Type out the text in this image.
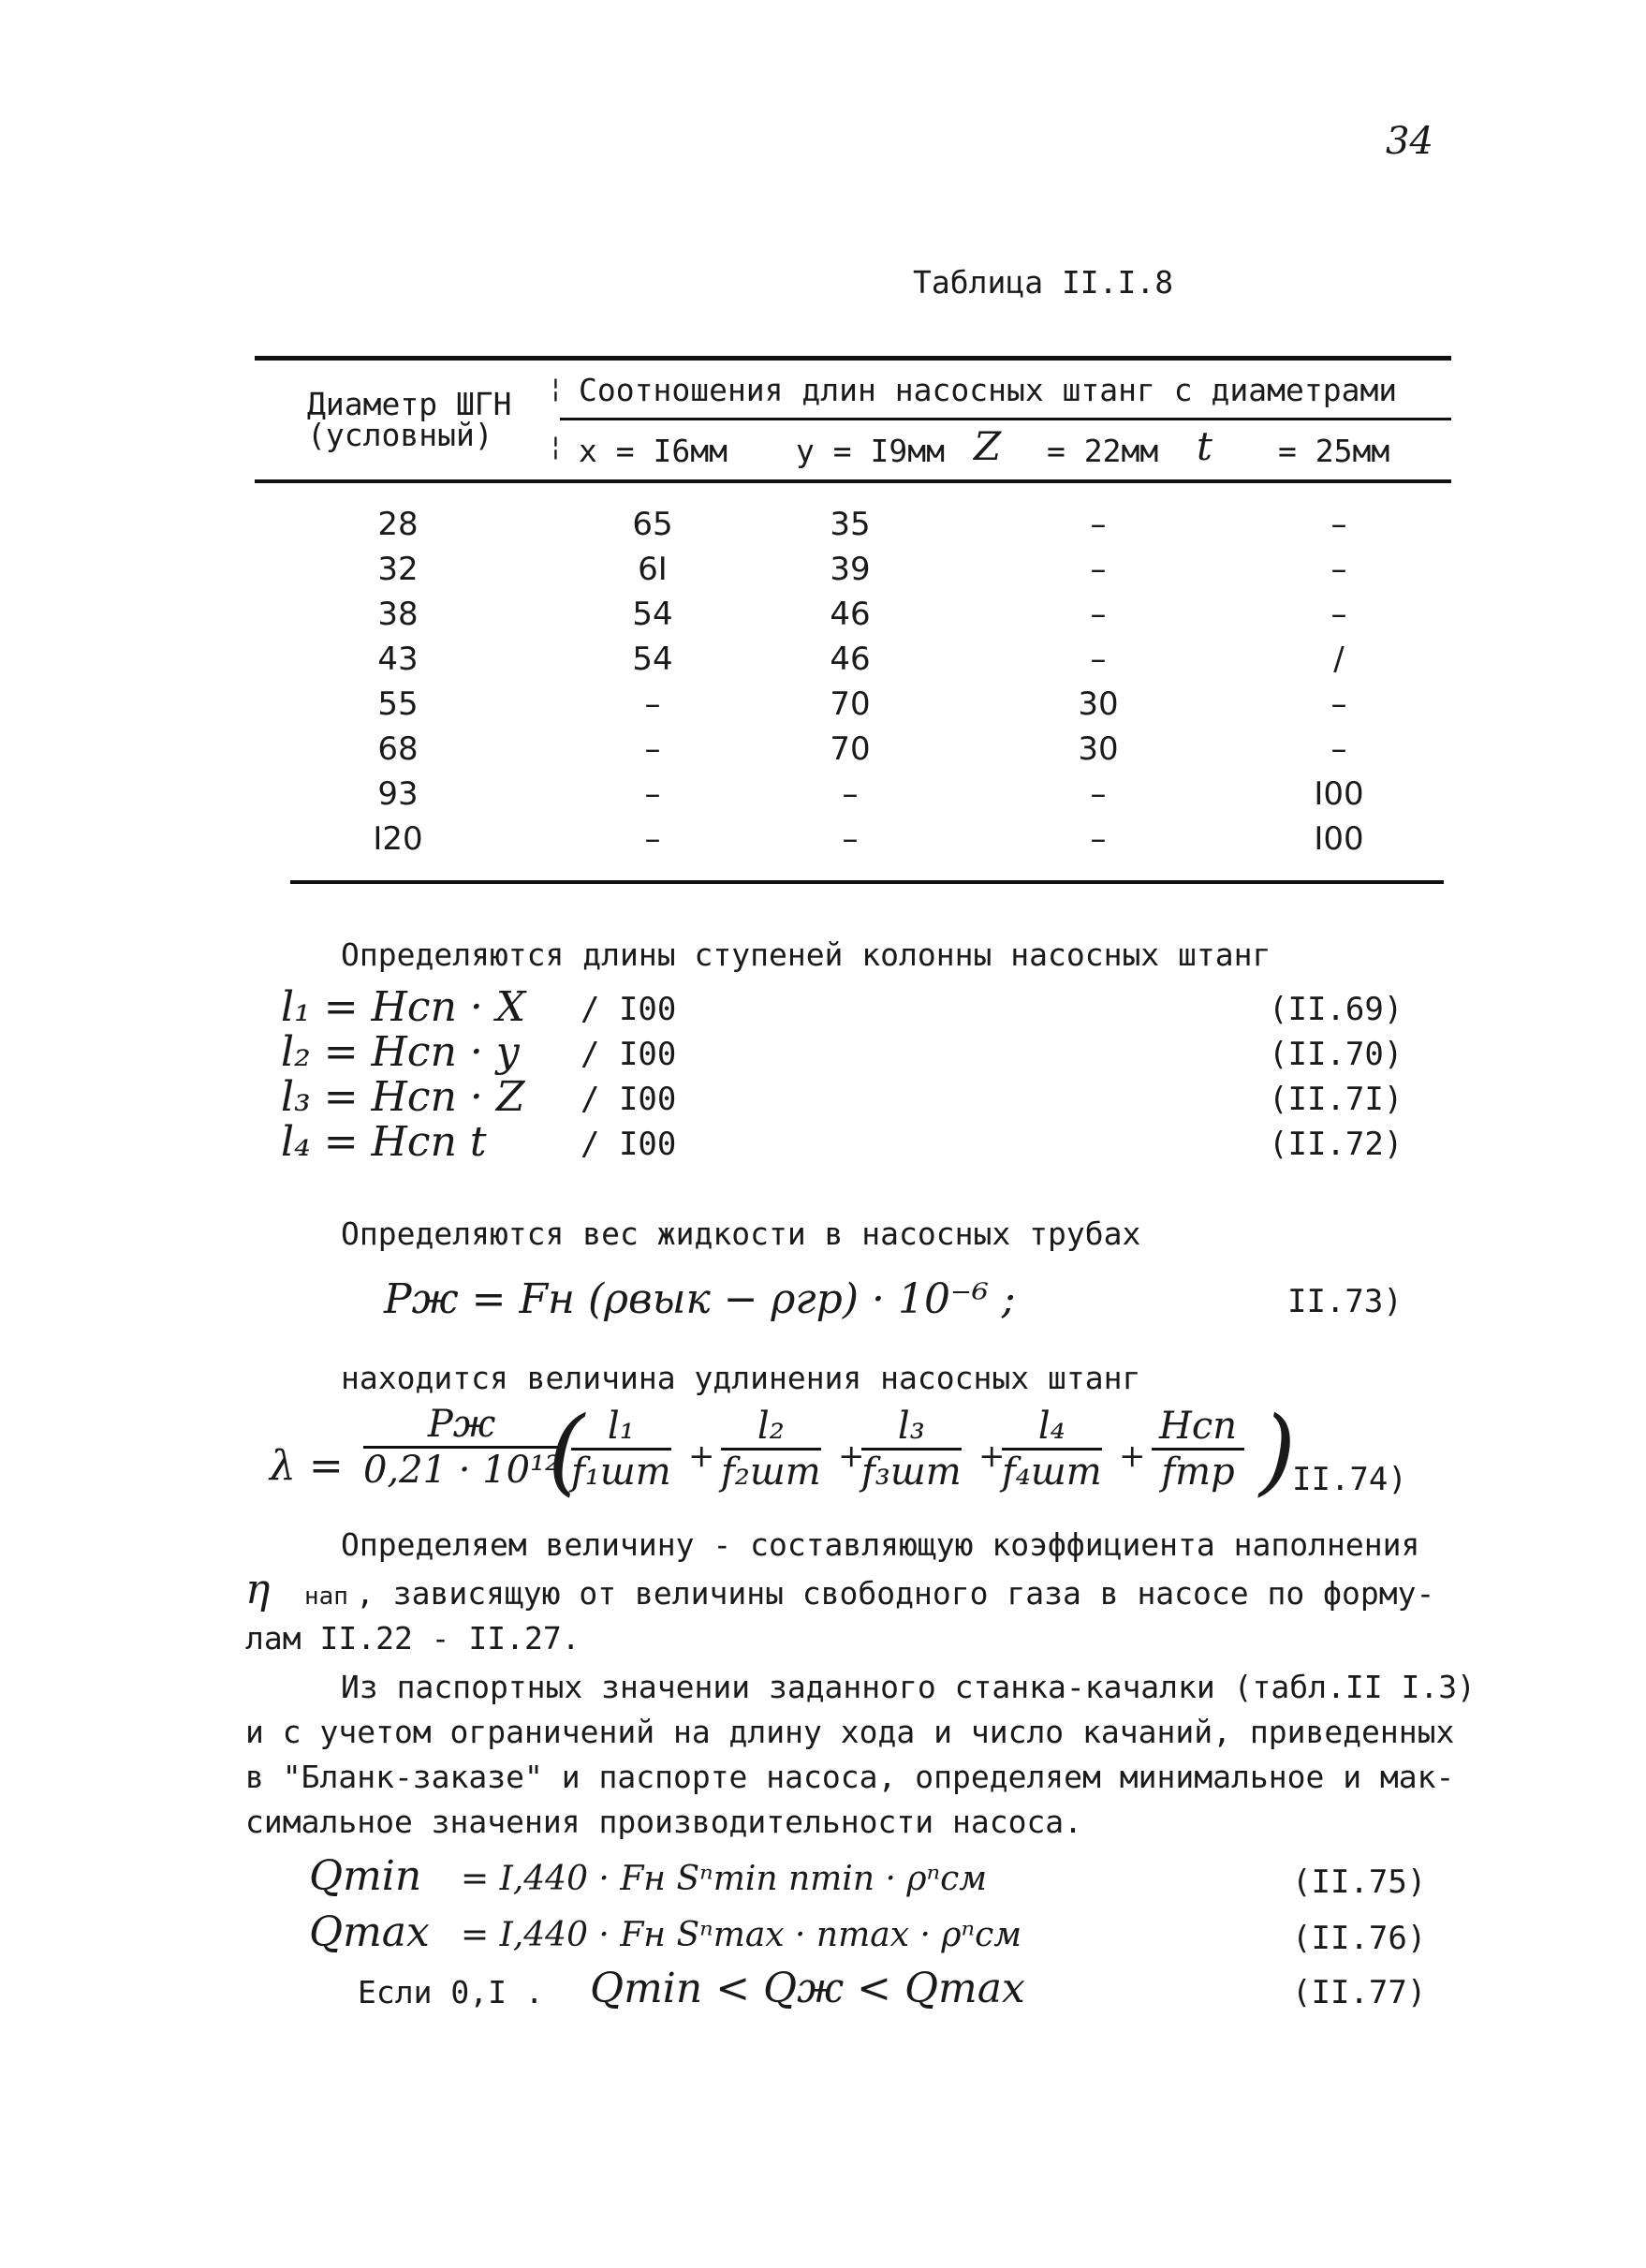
34
Таблица II.I.8
Диаметр ШГН
(условный)
¦
¦
Соотношения длин насосных штанг с диаметрами
x = I6мм y = I9мм Z = 22мм t = 25мм
28	65	35	–	–
32	6I	39	–	–
38	54	46	–	–
43	54	46	–	/
55	–	70	30	–
68	–	70	30	–
93	–	–	–	I00
I20	–	–	–	I00
Определяются длины ступеней колонны насосных штанг
l₁ = Нсп · X / I00	(II.69)
l₂ = Нсп · y / I00	(II.70)
l₃ = Нсп · Z / I00	(II.7I)
l₄ = Нсп t	/ I00	(II.72)
Определяются вес жидкости в насосных трубах
Pж = Fн (ρвык − ρгр) · 10⁻⁶ ;	II.73)
находится величина удлинения насосных штанг
λ =
Pж
0,21 · 10¹²
( l₁
f₁шт +
l₂
f₂шт +
l₃
f₃шт +
l₄
f₄шт +
Нсп
fтр )
II.74)
Определяем величину - составляющую коэффициента наполнения
η нап , зависящую от величины свободного газа в насосе по форму-
лам II.22 - II.27.
Из паспортных значении заданного станка-качалки (табл.II I.3)
и с учетом ограничений на длину хода и число качаний, приведенных
в "Бланк-заказе" и паспорте насоса, определяем минимальное и мак-
симальное значения производительности насоса.
Qmin = I,440 · Fн Sⁿmin nmin · ρⁿсм	(II.75)
Qmax = I,440 · Fн Sⁿmax · nmax · ρⁿсм	(II.76)
Если 0,I . Qmin < Qж < Qmax	(II.77)
